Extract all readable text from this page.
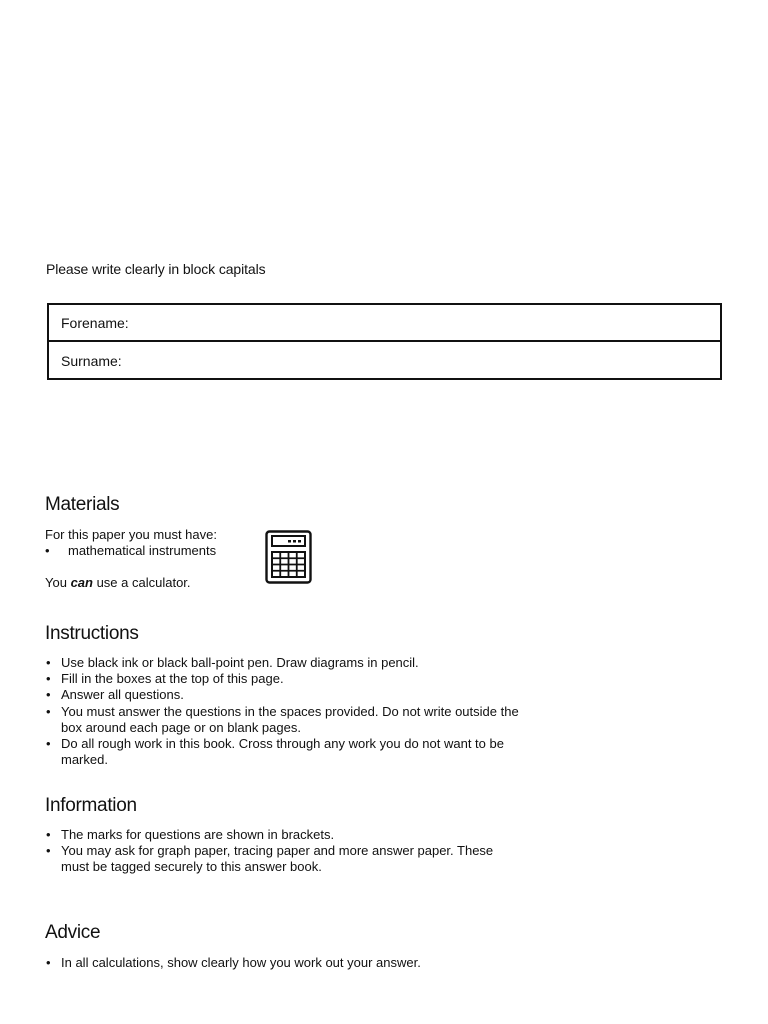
Please write clearly in block capitals
Forename:
Surname:
Materials
For this paper you must have:
• mathematical instruments
You can use a calculator.
Instructions
• Use black ink or black ball-point pen. Draw diagrams in pencil.
• Fill in the boxes at the top of this page.
• Answer all questions.
• You must answer the questions in the spaces provided. Do not write outside the box around each page or on blank pages.
• Do all rough work in this book. Cross through any work you do not want to be marked.
Information
• The marks for questions are shown in brackets.
• You may ask for graph paper, tracing paper and more answer paper. These must be tagged securely to this answer book.
Advice
• In all calculations, show clearly how you work out your answer.
